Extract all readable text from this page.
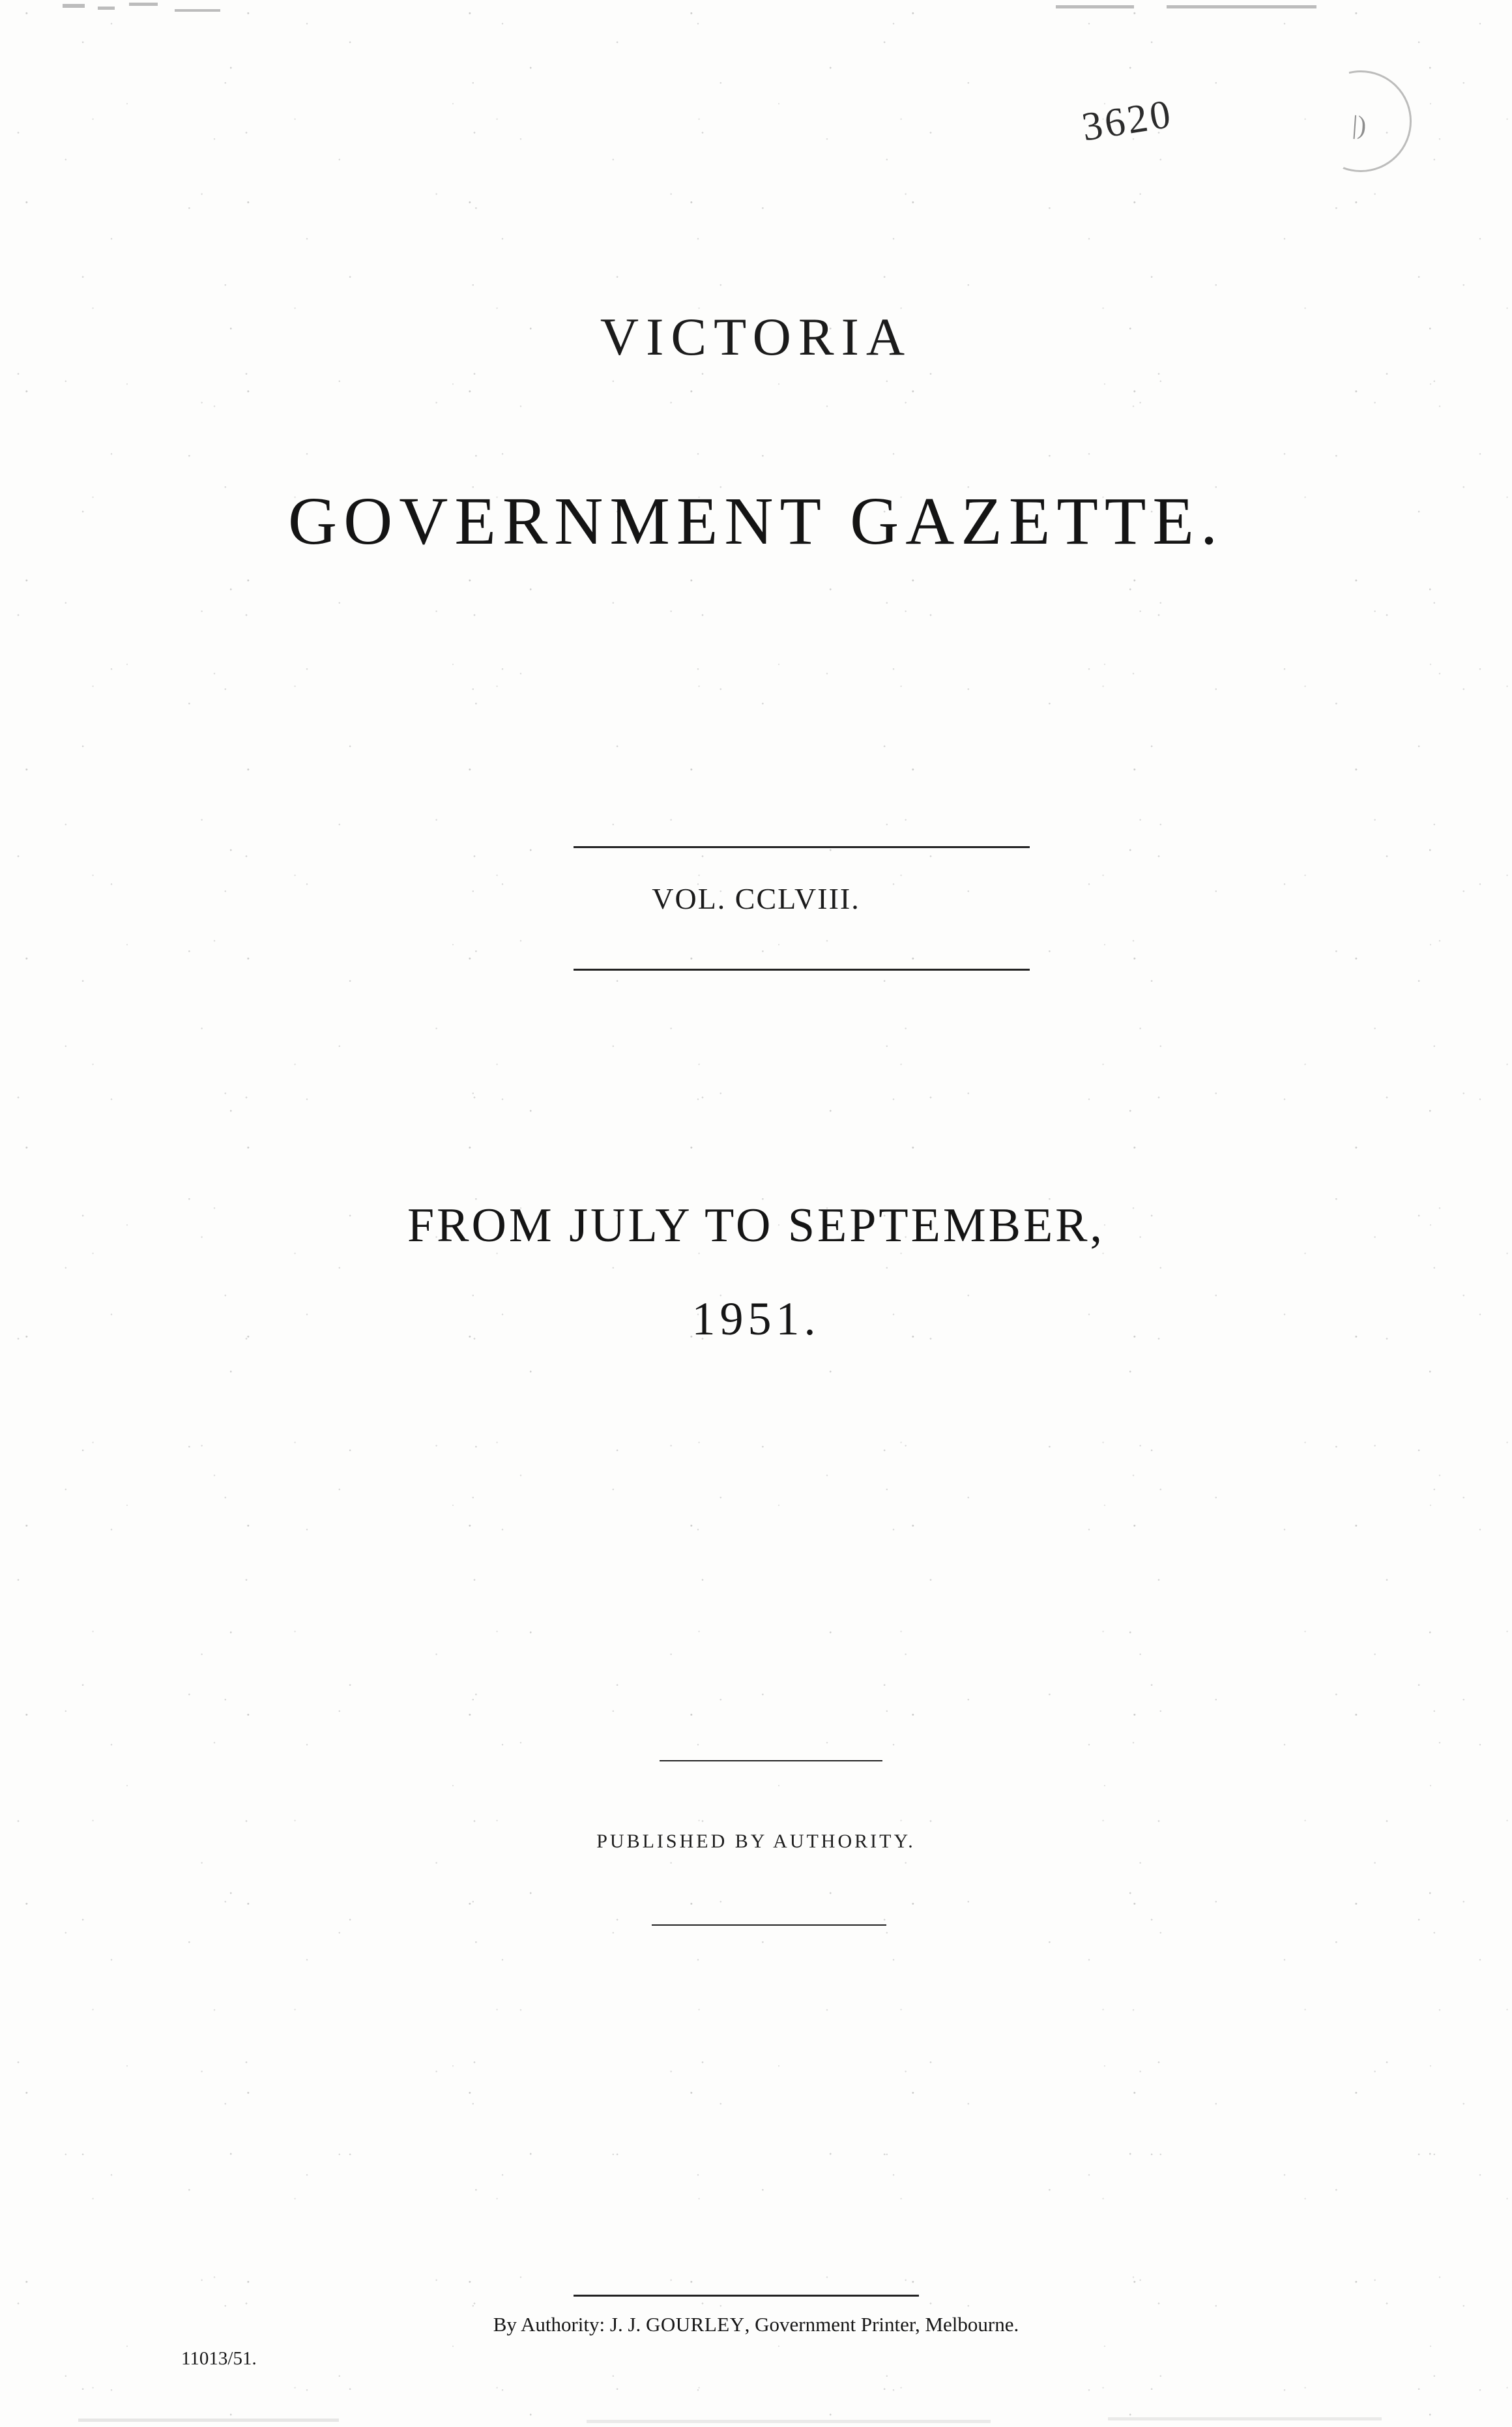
3620	|)
VICTORIA
GOVERNMENT GAZETTE.
VOL. CCLVIII.
FROM JULY TO SEPTEMBER,
1951.
PUBLISHED BY AUTHORITY.
By Authority: J. J. GOURLEY, Government Printer, Melbourne.
11013/51.
